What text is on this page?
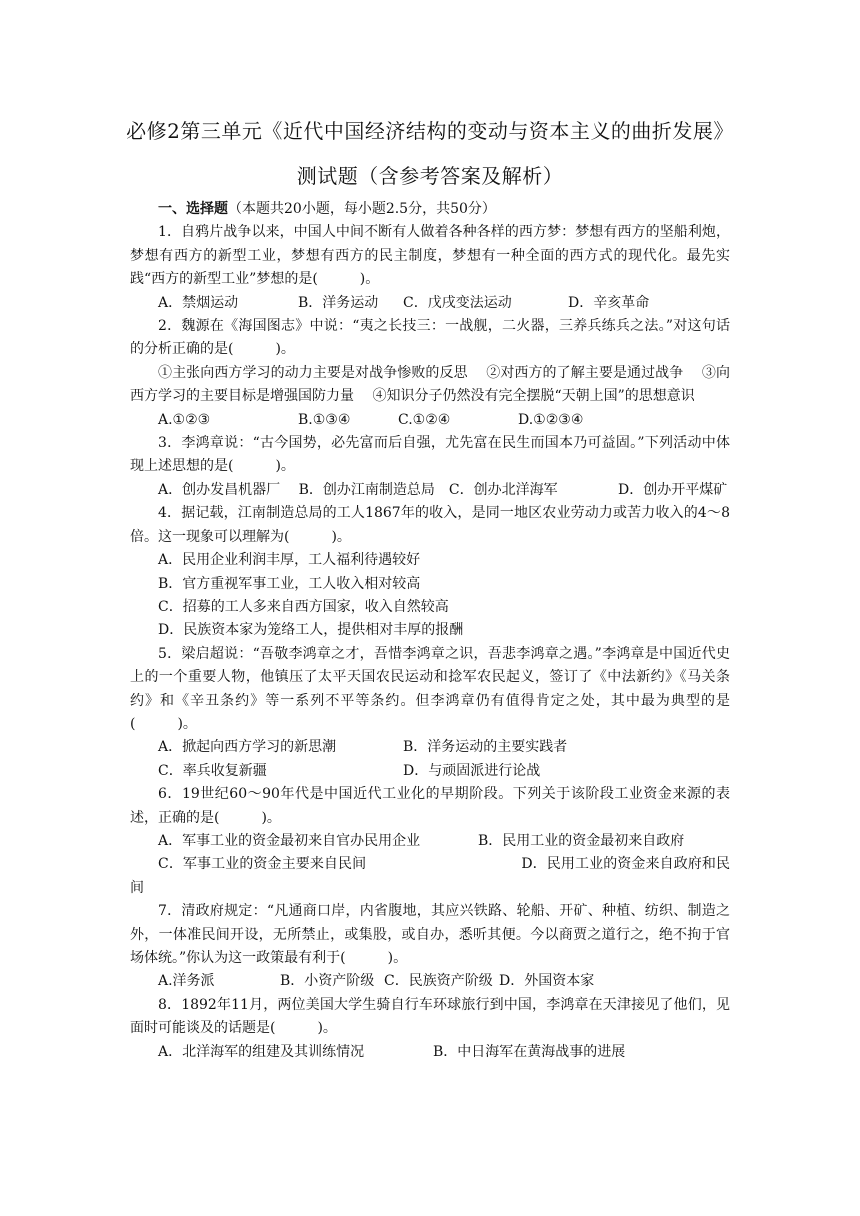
必修2第三单元《近代中国经济结构的变动与资本主义的曲折发展》
测试题（含参考答案及解析）

一、选择题（本题共20小题，每小题2.5分，共50分）

1．自鸦片战争以来，中国人中间不断有人做着各种各样的西方梦：梦想有西方的坚船利炮，梦想有西方的新型工业，梦想有西方的民主制度，梦想有一种全面的西方式的现代化。最先实践“西方的新型工业”梦想的是(　　　)。

A．禁烟运动	B．洋务运动	C．戊戌变法运动	D．辛亥革命

2．魏源在《海国图志》中说：“夷之长技三：一战舰，二火器，三养兵练兵之法。”对这句话的分析正确的是(　　　)。

①主张向西方学习的动力主要是对战争惨败的反思　 ②对西方的了解主要是通过战争　 ③向西方学习的主要目标是增强国防力量　 ④知识分子仍然没有完全摆脱“天朝上国”的思想意识

A.①②③	B.①③④	C.①②④	D.①②③④

3．李鸿章说：“古今国势，必先富而后自强，尤先富在民生而国本乃可益固。”下列活动中体现上述思想的是(　　　)。

A．创办发昌机器厂　 B．创办江南制造总局　 C．创办北洋海军　　　　	D．创办开平煤矿

4．据记载，江南制造总局的工人1867年的收入，是同一地区农业劳动力或苦力收入的4～8倍。这一现象可以理解为(　　　)。

A．民用企业利润丰厚，工人福利待遇较好
B．官方重视军事工业，工人收入相对较高
C．招募的工人多来自西方国家，收入自然较高
D．民族资本家为笼络工人，提供相对丰厚的报酬

5．梁启超说：“吾敬李鸿章之才，吾惜李鸿章之识，吾悲李鸿章之遇。”李鸿章是中国近代史上的一个重要人物，他镇压了太平天国农民运动和捻军农民起义，签订了《中法新约》《马关条约》和《辛丑条约》等一系列不平等条约。但李鸿章仍有值得肯定之处，其中最为典型的是(　　　)。

A．掀起向西方学习的新思潮	B．洋务运动的主要实践者
C．率兵收复新疆	D．与顽固派进行论战

6．19世纪60～90年代是中国近代工业化的早期阶段。下列关于该阶段工业资金来源的表述，正确的是(　　　)。

A．军事工业的资金最初来自官办民用企业	B．民用工业的资金最初来自政府

C．军事工业的资金主要来自民间　　　　　　　　　　　	D．民用工业的资金来自政府和民间

7．清政府规定：“凡通商口岸，内省腹地，其应兴铁路、轮船、开矿、种植、纺织、制造之外，一体准民间开设，无所禁止，或集股，或自办，悉听其便。今以商贾之道行之，绝不拘于官场体统。”你认为这一政策最有利于(　　　)。

A.洋务派	B．小资产阶级 C．民族资产阶级 D．外国资本家

8．1892年11月，两位美国大学生骑自行车环球旅行到中国，李鸿章在天津接见了他们，见面时可能谈及的话题是(　　　)。

A．北洋海军的组建及其训练情况	B．中日海军在黄海战事的进展
